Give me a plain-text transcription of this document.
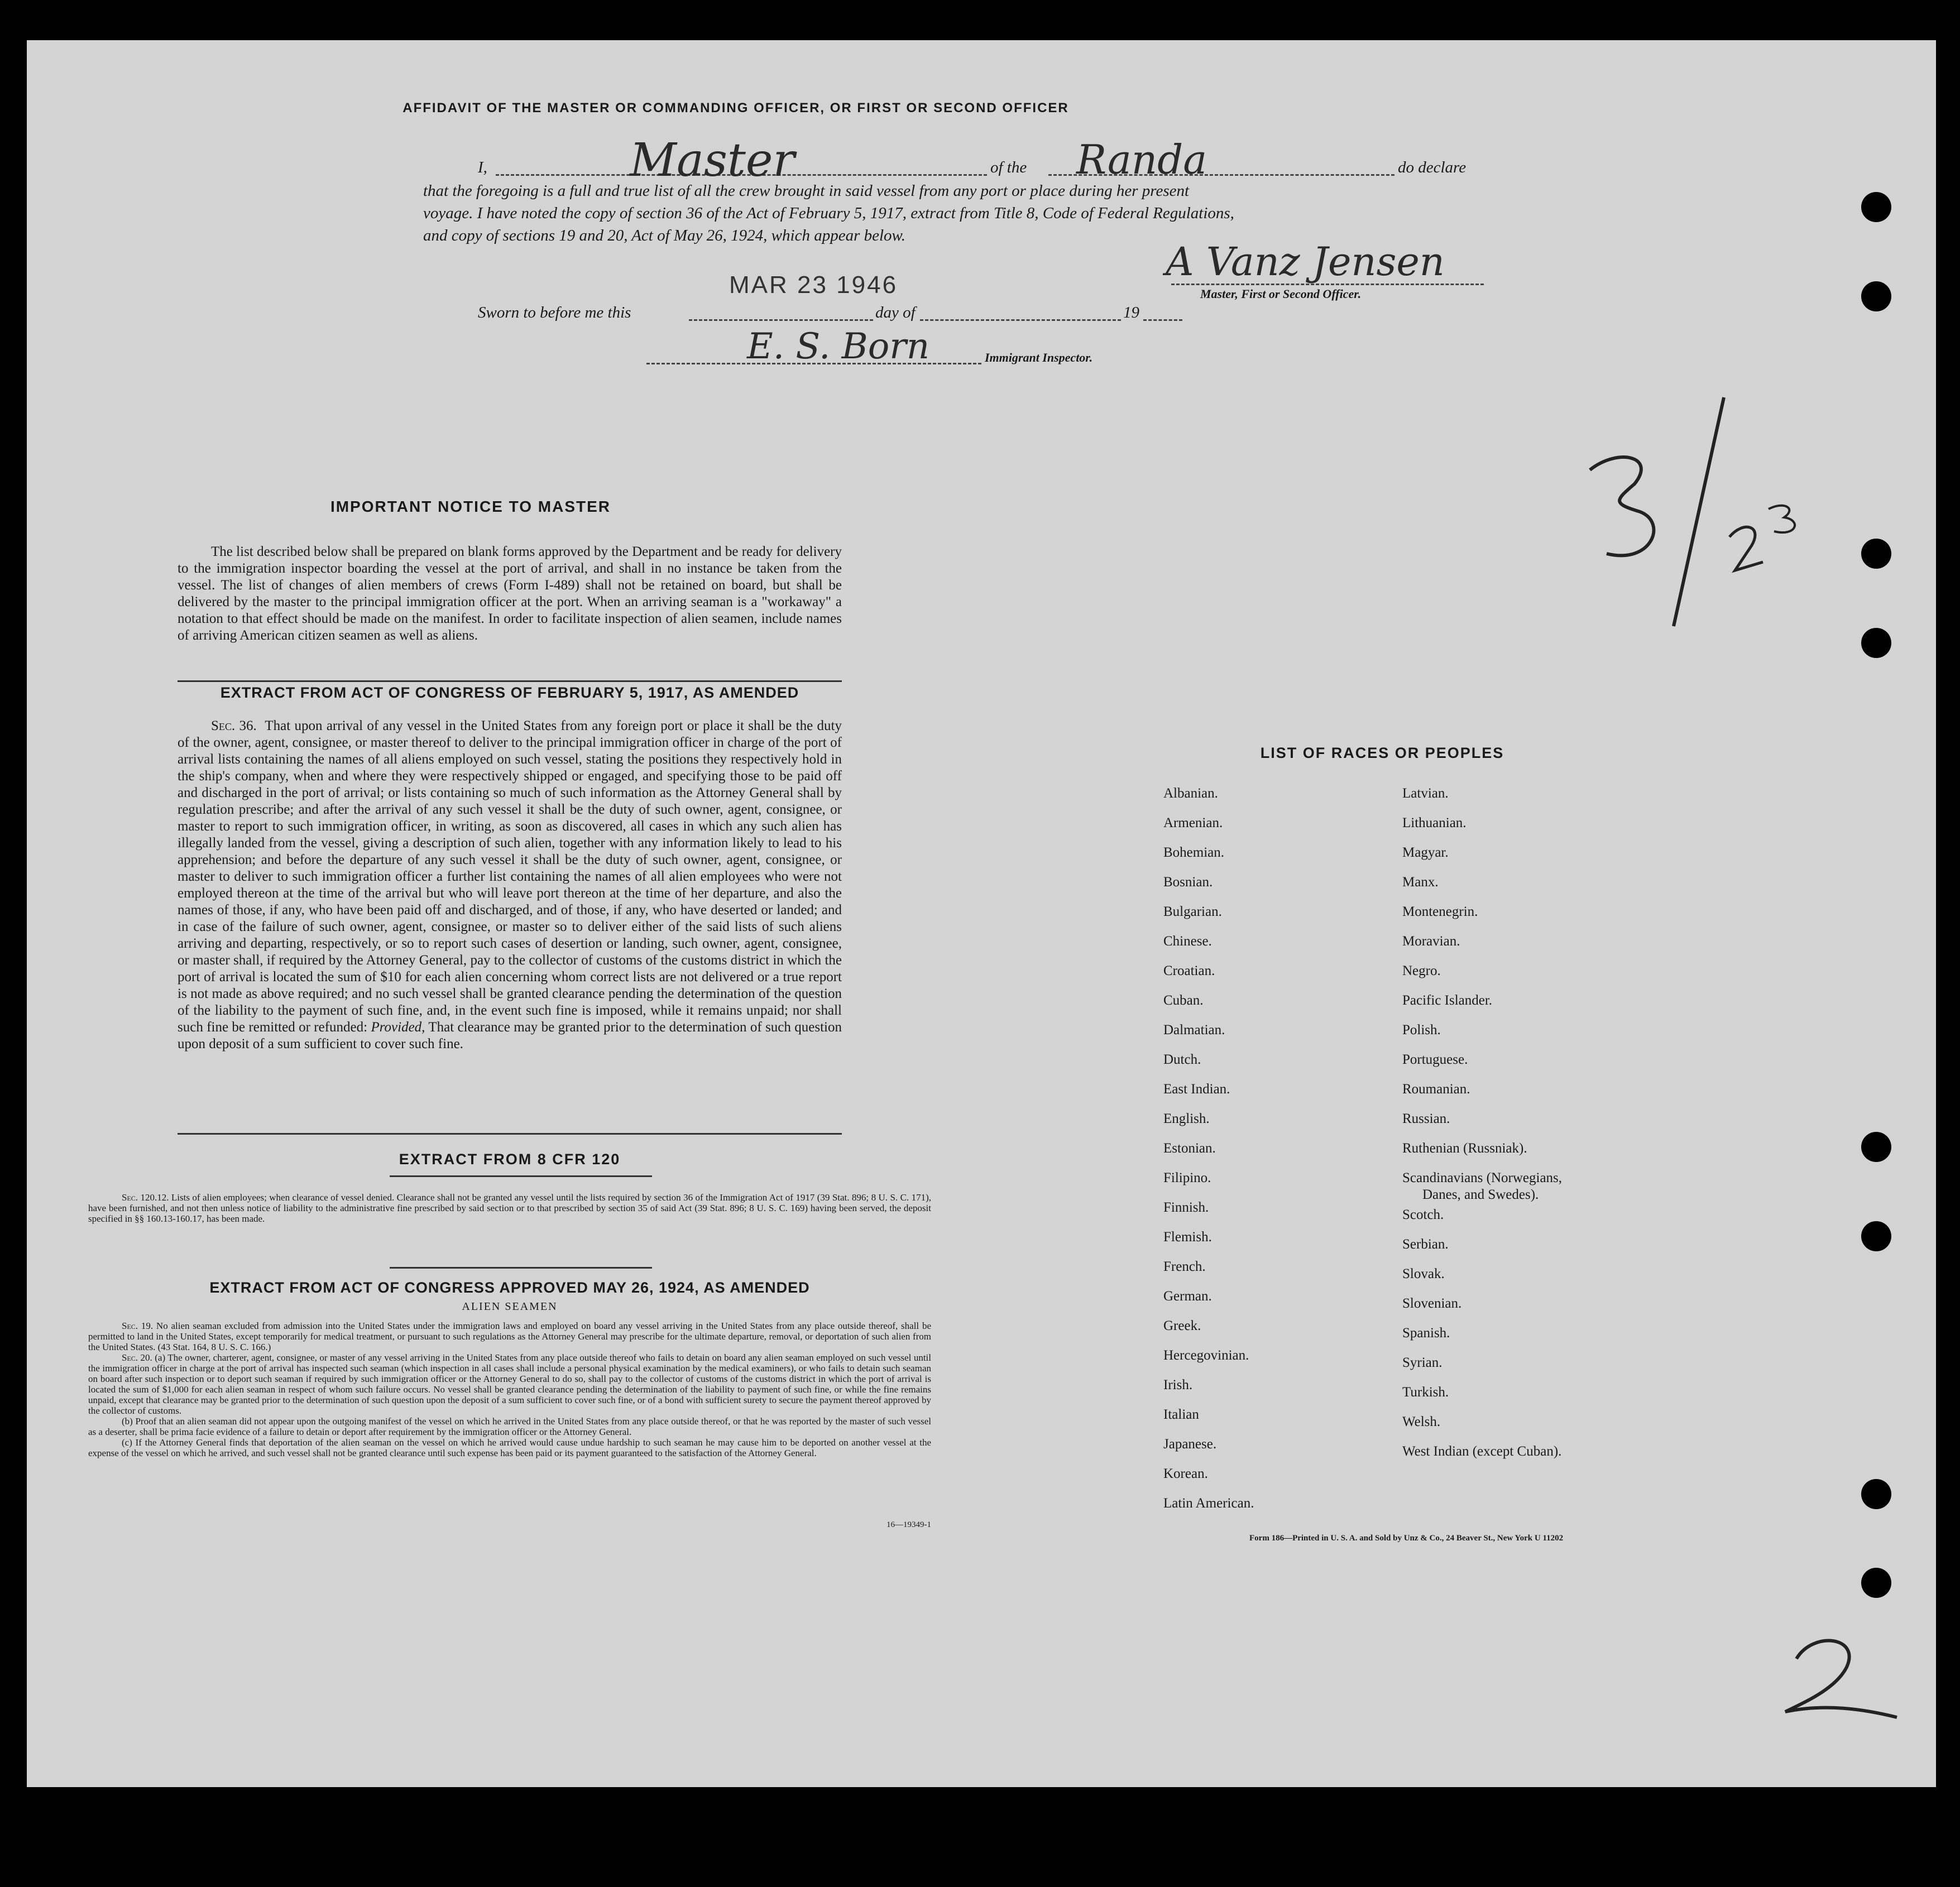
AFFIDAVIT OF THE MASTER OR COMMANDING OFFICER, OR FIRST OR SECOND OFFICER
I,	Master	of the Randa	do declare
that the foregoing is a full and true list of all the crew brought in said vessel from any port or place during her present
voyage. I have noted the copy of section 36 of the Act of February 5, 1917, extract from Title 8, Code of Federal Regulations,
and copy of sections 19 and 20, Act of May 26, 1924, which appear below.
MAR 23 1946
A Vanz Jensen
Master, First or Second Officer.
Sworn to before me this	day of	19
E. S. Born	Immigrant Inspector.	3/23
IMPORTANT NOTICE TO MASTER
The list described below shall be prepared on blank forms approved by the Department and be ready for delivery to the immigration inspector boarding the vessel at the port of arrival, and shall in no instance be taken from the vessel. The list of changes of alien members of crews (Form I-489) shall not be retained on board, but shall be delivered by the master to the principal immigration officer at the port. When an arriving seaman is a "workaway" a notation to that effect should be made on the manifest. In order to facilitate inspection of alien seamen, include names of arriving American citizen seamen as well as aliens.
EXTRACT FROM ACT OF CONGRESS OF FEBRUARY 5, 1917, AS AMENDED
Sec. 36. That upon arrival of any vessel in the United States from any foreign port or place it shall be the duty of the owner, agent, consignee, or master thereof to deliver to the principal immigration officer in charge of the port of arrival lists containing the names of all aliens employed on such vessel, stating the positions they respectively hold in the ship's company, when and where they were respectively shipped or engaged, and specifying those to be paid off and discharged in the port of arrival; or lists containing so much of such information as the Attorney General shall by regulation prescribe; and after the arrival of any such vessel it shall be the duty of such owner, agent, consignee, or master to report to such immigration officer, in writing, as soon as discovered, all cases in which any such alien has illegally landed from the vessel, giving a description of such alien, together with any information likely to lead to his apprehension; and before the departure of any such vessel it shall be the duty of such owner, agent, consignee, or master to deliver to such immigration officer a further list containing the names of all alien employees who were not employed thereon at the time of the arrival but who will leave port thereon at the time of her departure, and also the names of those, if any, who have been paid off and discharged, and of those, if any, who have deserted or landed; and in case of the failure of such owner, agent, consignee, or master so to deliver either of the said lists of such aliens arriving and departing, respectively, or so to report such cases of desertion or landing, such owner, agent, consignee, or master shall, if required by the Attorney General, pay to the collector of customs of the customs district in which the port of arrival is located the sum of $10 for each alien concerning whom correct lists are not delivered or a true report is not made as above required; and no such vessel shall be granted clearance pending the determination of the question of the liability to the payment of such fine, and, in the event such fine is imposed, while it remains unpaid; nor shall such fine be remitted or refunded: Provided, That clearance may be granted prior to the determination of such question upon deposit of a sum sufficient to cover such fine.
EXTRACT FROM 8 CFR 120
Sec. 120.12. Lists of alien employees; when clearance of vessel denied. Clearance shall not be granted any vessel until the lists required by section 36 of the Immigration Act of 1917 (39 Stat. 896; 8 U. S. C. 171), have been furnished, and not then unless notice of liability to the administrative fine prescribed by said section or to that prescribed by section 35 of said Act (39 Stat. 896; 8 U. S. C. 169) having been served, the deposit specified in §§ 160.13-160.17, has been made.
EXTRACT FROM ACT OF CONGRESS APPROVED MAY 26, 1924, AS AMENDED
ALIEN SEAMEN
Sec. 19. No alien seaman excluded from admission into the United States under the immigration laws and employed on board any vessel arriving in the United States from any place outside thereof, shall be permitted to land in the United States, except temporarily for medical treatment, or pursuant to such regulations as the Attorney General may prescribe for the ultimate departure, removal, or deportation of such alien from the United States. (43 Stat. 164, 8 U. S. C. 166.)
Sec. 20. (a) The owner, charterer, agent, consignee, or master of any vessel arriving in the United States from any place outside thereof who fails to detain on board any alien seaman employed on such vessel until the immigration officer in charge at the port of arrival has inspected such seaman (which inspection in all cases shall include a personal physical examination by the medical examiners), or who fails to detain such seaman on board after such inspection or to deport such seaman if required by such immigration officer or the Attorney General to do so, shall pay to the collector of customs of the customs district in which the port of arrival is located the sum of $1,000 for each alien seaman in respect of whom such failure occurs. No vessel shall be granted clearance pending the determination of the liability to payment of such fine, or while the fine remains unpaid, except that clearance may be granted prior to the determination of such question upon the deposit of a sum sufficient to cover such fine, or of a bond with sufficient surety to secure the payment thereof approved by the collector of customs.
(b) Proof that an alien seaman did not appear upon the outgoing manifest of the vessel on which he arrived in the United States from any place outside thereof, or that he was reported by the master of such vessel as a deserter, shall be prima facie evidence of a failure to detain or deport after requirement by the immigration officer or the Attorney General.
(c) If the Attorney General finds that deportation of the alien seaman on the vessel on which he arrived would cause undue hardship to such seaman he may cause him to be deported on another vessel at the expense of the vessel on which he arrived, and such vessel shall not be granted clearance until such expense has been paid or its payment guaranteed to the satisfaction of the Attorney General.
16—19349-1
LIST OF RACES OR PEOPLES
Albanian.
Armenian.
Bohemian.
Bosnian.
Bulgarian.
Chinese.
Croatian.
Cuban.
Dalmatian.
Dutch.
East Indian.
English.
Estonian.
Filipino.
Finnish.
Flemish.
French.
German.
Greek.
Hercegovinian.
Irish.
Italian
Japanese.
Korean.
Latin American.
Latvian.
Lithuanian.
Magyar.
Manx.
Montenegrin.
Moravian.
Negro.
Pacific Islander.
Polish.
Portuguese.
Roumanian.
Russian.
Ruthenian (Russniak).
Scandinavians (Norwegians,
Danes, and Swedes).
Scotch.
Serbian.
Slovak.
Slovenian.
Spanish.
Syrian.
Turkish.
Welsh.
West Indian (except Cuban).
Form 186—Printed in U. S. A. and Sold by Unz & Co., 24 Beaver St., New York U 11202
2
